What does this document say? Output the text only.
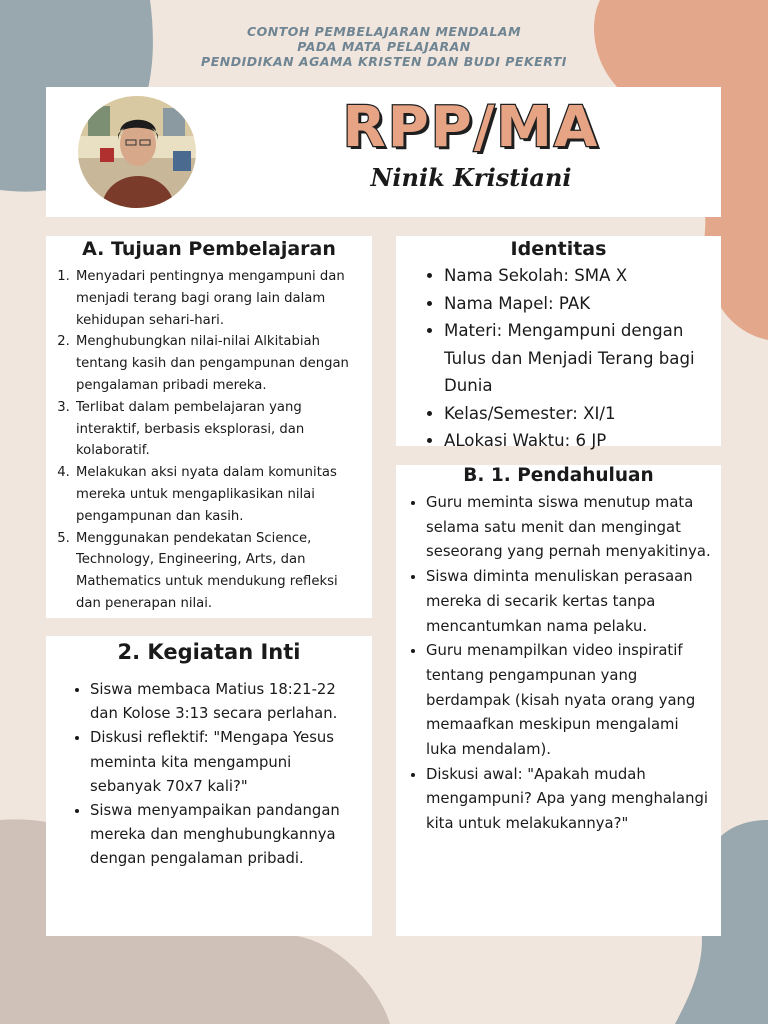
CONTOH PEMBELAJARAN MENDALAM
PADA MATA PELAJARAN
PENDIDIKAN AGAMA KRISTEN DAN BUDI PEKERTI
RPP/MA
Ninik Kristiani
A. Tujuan Pembelajaran
1. Menyadari pentingnya mengampuni dan menjadi terang bagi orang lain dalam kehidupan sehari-hari.
2. Menghubungkan nilai-nilai Alkitabiah tentang kasih dan pengampunan dengan pengalaman pribadi mereka.
3. Terlibat dalam pembelajaran yang interaktif, berbasis eksplorasi, dan kolaboratif.
4. Melakukan aksi nyata dalam komunitas mereka untuk mengaplikasikan nilai pengampunan dan kasih.
5. Menggunakan pendekatan Science, Technology, Engineering, Arts, dan Mathematics untuk mendukung refleksi dan penerapan nilai.
Identitas
• Nama Sekolah: SMA X
• Nama Mapel: PAK
• Materi: Mengampuni dengan Tulus dan Menjadi Terang bagi Dunia
• Kelas/Semester: XI/1
• ALokasi Waktu: 6 JP
B. 1. Pendahuluan
• Guru meminta siswa menutup mata selama satu menit dan mengingat seseorang yang pernah menyakitinya.
• Siswa diminta menuliskan perasaan mereka di secarik kertas tanpa mencantumkan nama pelaku.
• Guru menampilkan video inspiratif tentang pengampunan yang berdampak (kisah nyata orang yang memaafkan meskipun mengalami luka mendalam).
• Diskusi awal: "Apakah mudah mengampuni? Apa yang menghalangi kita untuk melakukannya?"
2. Kegiatan Inti
• Siswa membaca Matius 18:21-22 dan Kolose 3:13 secara perlahan.
• Diskusi reflektif: "Mengapa Yesus meminta kita mengampuni sebanyak 70x7 kali?"
• Siswa menyampaikan pandangan mereka dan menghubungkannya dengan pengalaman pribadi.
